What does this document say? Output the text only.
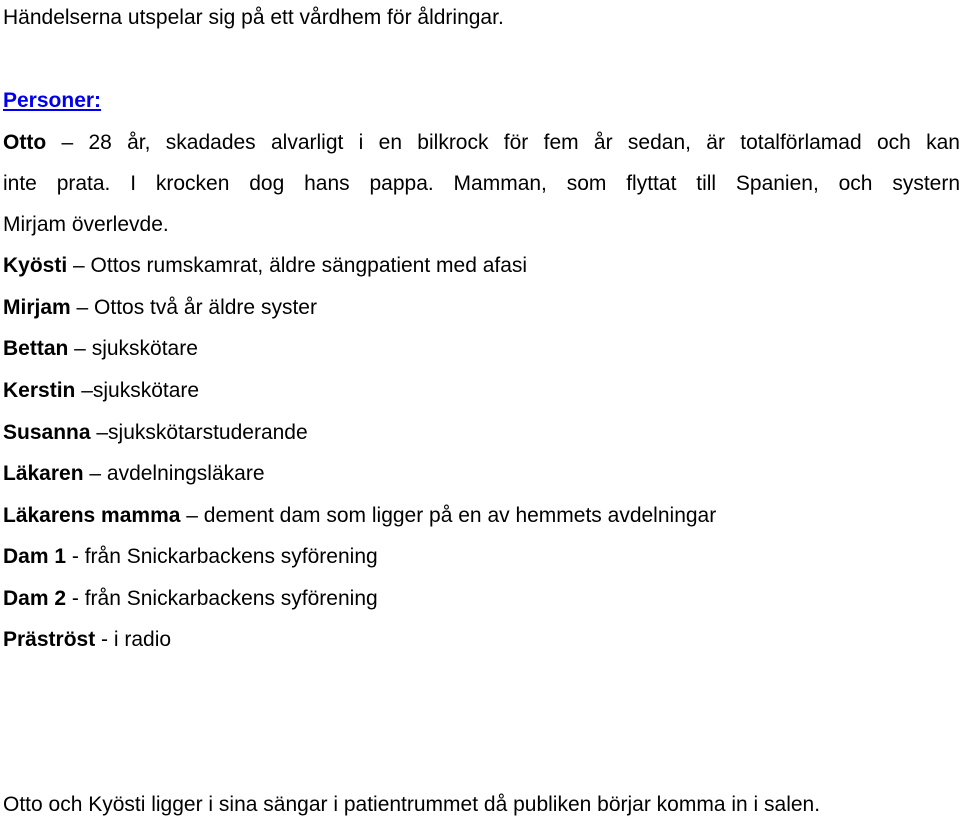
Händelserna utspelar sig på ett vårdhem för åldringar.
Personer:
Otto – 28 år, skadades alvarligt i en bilkrock för fem år sedan, är totalförlamad och kan
inte prata. I krocken dog hans pappa. Mamman, som flyttat till Spanien, och systern
Mirjam överlevde.
Kyösti – Ottos rumskamrat, äldre sängpatient med afasi
Mirjam – Ottos två år äldre syster
Bettan – sjukskötare
Kerstin –sjukskötare
Susanna –sjukskötarstuderande
Läkaren – avdelningsläkare
Läkarens mamma – dement dam som ligger på en av hemmets avdelningar
Dam 1 - från Snickarbackens syförening
Dam 2 - från Snickarbackens syförening
Präströst - i radio
Otto och Kyösti ligger i sina sängar i patientrummet då publiken börjar komma in i salen.
